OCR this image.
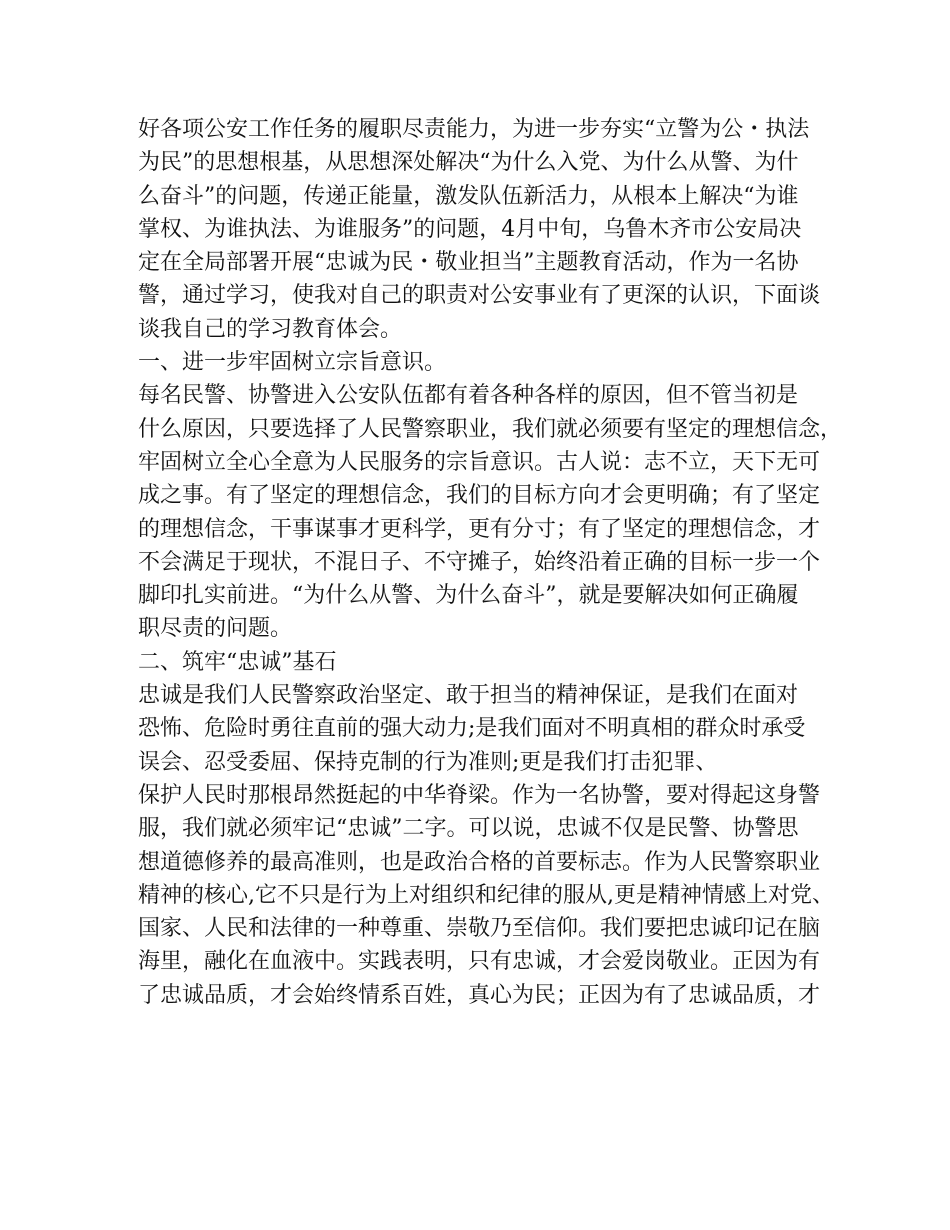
好各项公安工作任务的履职尽责能力，为进一步夯实“立警为公・执法
为民”的思想根基，从思想深处解决“为什么入党、为什么从警、为什
么奋斗”的问题，传递正能量，激发队伍新活力，从根本上解决“为谁
掌权、为谁执法、为谁服务”的问题，4月中旬，乌鲁木齐市公安局决
定在全局部署开展“忠诚为民・敬业担当”主题教育活动，作为一名协
警，通过学习，使我对自己的职责对公安事业有了更深的认识，下面谈
谈我自己的学习教育体会。
一、进一步牢固树立宗旨意识。
每名民警、协警进入公安队伍都有着各种各样的原因，但不管当初是
什么原因，只要选择了人民警察职业，我们就必须要有坚定的理想信念，
牢固树立全心全意为人民服务的宗旨意识。古人说：志不立，天下无可
成之事。有了坚定的理想信念，我们的目标方向才会更明确；有了坚定
的理想信念，干事谋事才更科学，更有分寸；有了坚定的理想信念，才
不会满足于现状，不混日子、不守摊子，始终沿着正确的目标一步一个
脚印扎实前进。“为什么从警、为什么奋斗”，就是要解决如何正确履
职尽责的问题。
二、筑牢“忠诚”基石
忠诚是我们人民警察政治坚定、敢于担当的精神保证，是我们在面对
恐怖、危险时勇往直前的强大动力;是我们面对不明真相的群众时承受
误会、忍受委屈、保持克制的行为准则;更是我们打击犯罪、
保护人民时那根昂然挺起的中华脊梁。作为一名协警，要对得起这身警
服，我们就必须牢记“忠诚”二字。可以说，忠诚不仅是民警、协警思
想道德修养的最高准则，也是政治合格的首要标志。作为人民警察职业
精神的核心,它不只是行为上对组织和纪律的服从,更是精神情感上对党、
国家、人民和法律的一种尊重、崇敬乃至信仰。我们要把忠诚印记在脑
海里，融化在血液中。实践表明，只有忠诚，才会爱岗敬业。正因为有
了忠诚品质，才会始终情系百姓，真心为民；正因为有了忠诚品质，才
